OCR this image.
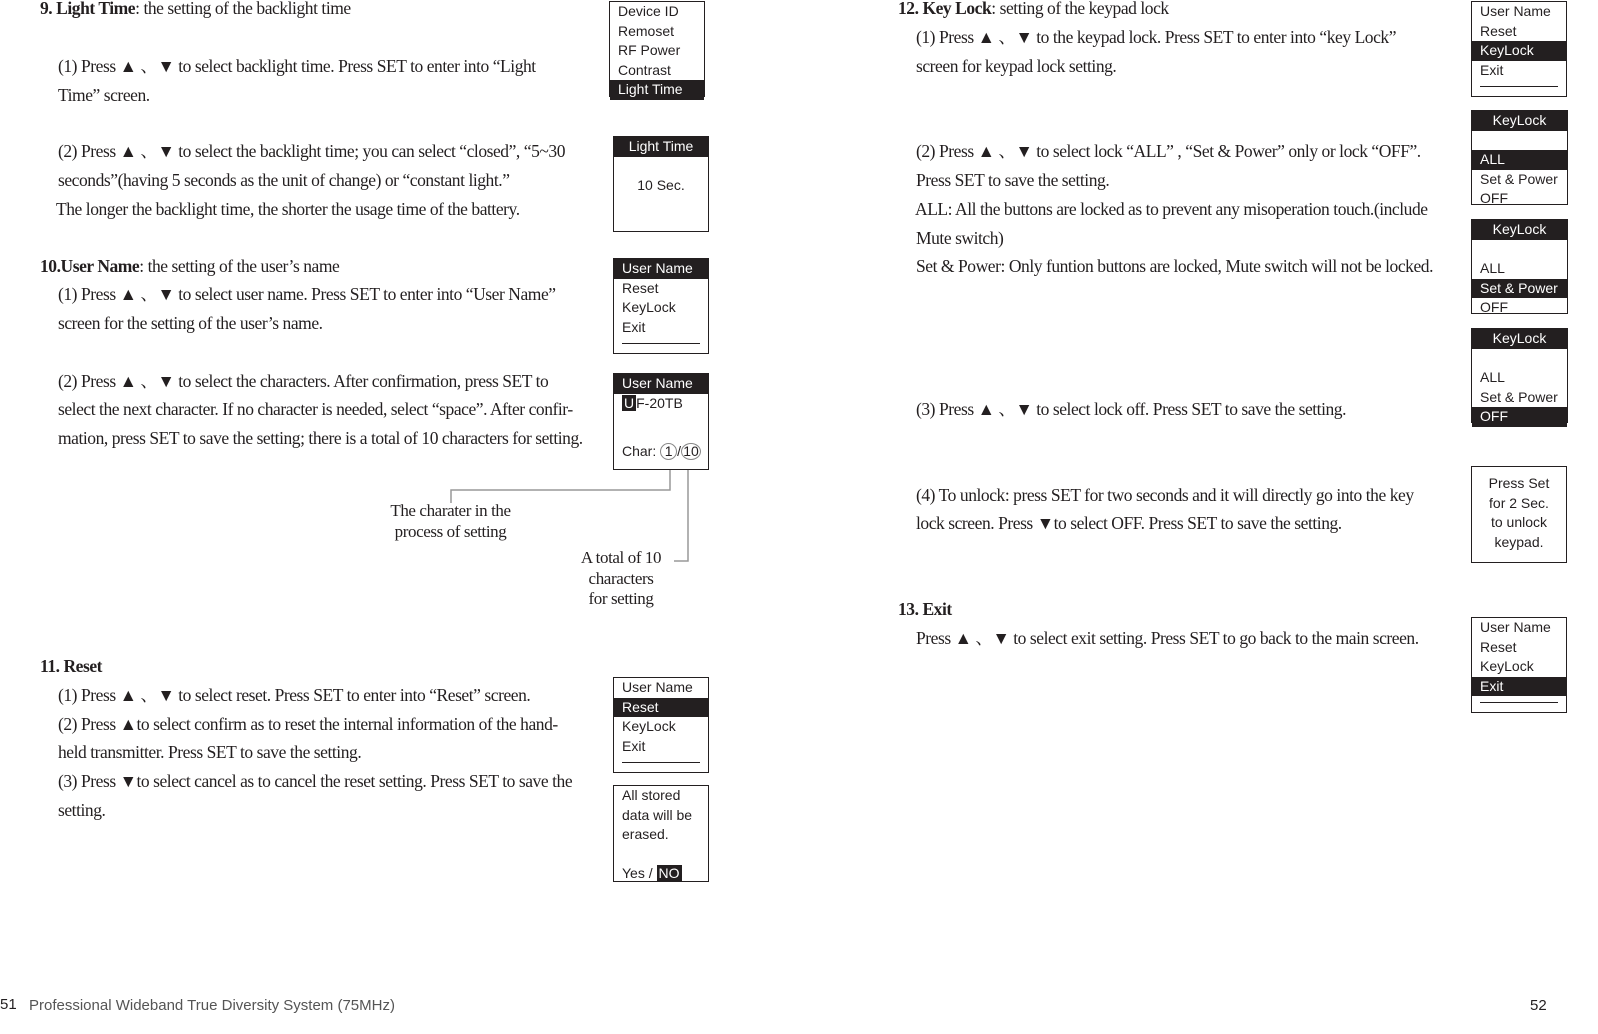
9. Light Time: the setting of the backlight time
(1) Press ▲ 、▼ to select backlight time. Press SET to enter into “Light
Time” screen.
(2) Press ▲ 、▼ to select the backlight time; you can select “closed”, “5~30
seconds”(having 5 seconds as the unit of change) or “constant light.”
The longer the backlight time, the shorter the usage time of the battery.
10.User Name: the setting of the user’s name
(1) Press ▲ 、▼ to select user name. Press SET to enter into “User Name”
screen for the setting of the user’s name.
(2) Press ▲ 、▼ to select the characters. After confirmation, press SET to
select the next character. If no character is needed, select “space”. After confir-
mation, press SET to save the setting; there is a total of 10 characters for setting.
The charater in the
process of setting
A total of 10
characters
for setting
11. Reset
(1) Press ▲ 、▼ to select reset. Press SET to enter into “Reset” screen.
(2) Press ▲to select confirm as to reset the internal information of the hand-
held transmitter. Press SET to save the setting.
(3) Press ▼to select cancel as to cancel the reset setting. Press SET to save the
setting.
12. Key Lock: setting of the keypad lock
(1) Press ▲ 、▼ to the keypad lock. Press SET to enter into “key Lock”
screen for keypad lock setting.
(2) Press ▲ 、▼ to select lock “ALL” , “Set & Power” only or lock “OFF”.
Press SET to save the setting.
ALL: All the buttons are locked as to prevent any misoperation touch.(include
Mute switch)
Set & Power: Only funtion buttons are locked, Mute switch will not be locked.
(3) Press ▲ 、▼ to select lock off. Press SET to save the setting.
(4) To unlock: press SET for two seconds and it will directly go into the key
lock screen. Press ▼to select OFF. Press SET to save the setting.
13. Exit
Press ▲ 、▼ to select exit setting. Press SET to go back to the main screen.
Device ID
Remoset
RF Power
Contrast
Light Time
Light Time

10 Sec.
User Name
Reset
KeyLock
Exit
User Name
U F-20TB
Char: 1 / 10
User Name
Reset
KeyLock
Exit
All stored
data will be
erased.

Yes / NO
User Name
Reset
KeyLock
Exit
KeyLock

ALL
Set & Power
OFF
KeyLock

ALL
Set & Power
OFF
KeyLock

ALL
Set & Power
OFF
Press Set
for 2 Sec.
to unlock
keypad.
User Name
Reset
KeyLock
Exit
51 Professional Wideband True Diversity System (75MHz)	52
